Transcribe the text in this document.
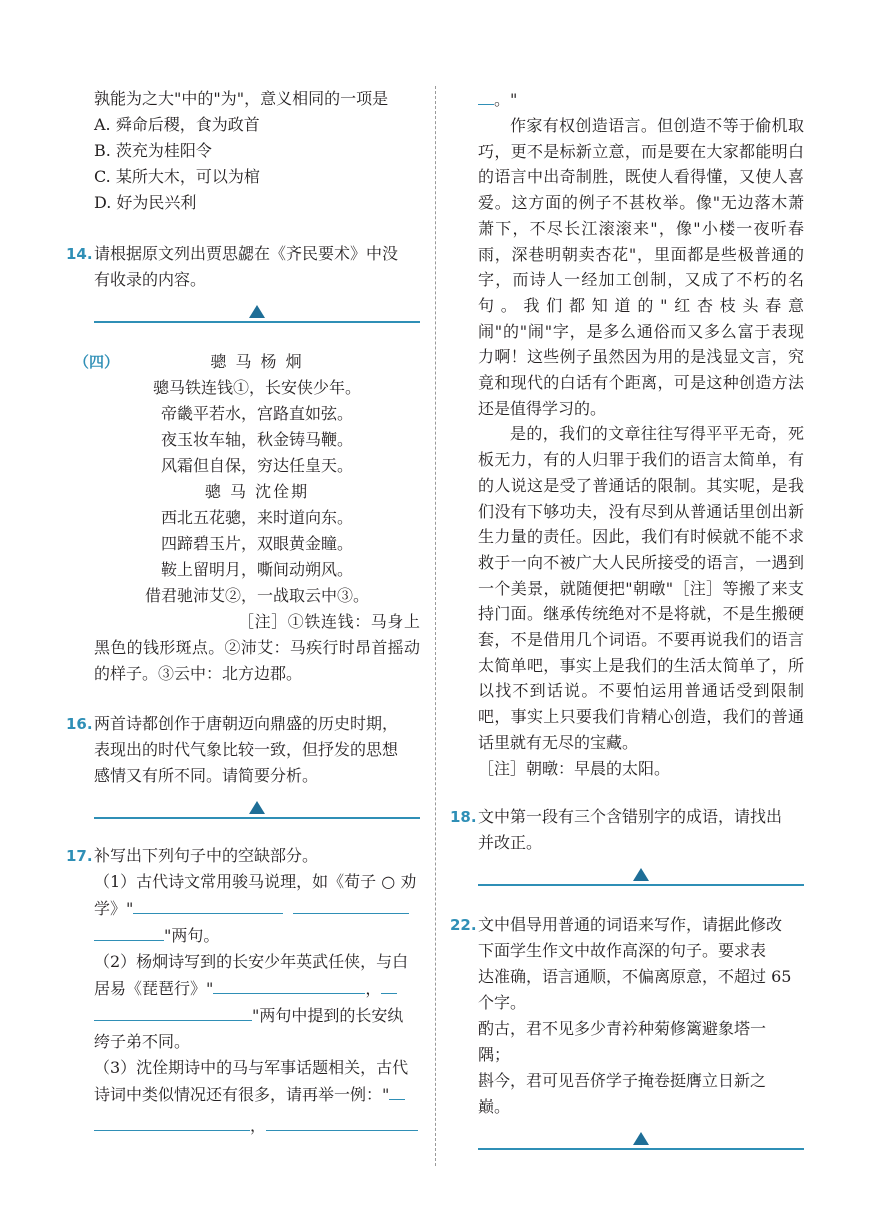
孰能为之大"中的"为"，意义相同的一项是
A. 舜命后稷，食为政首
B. 茨充为桂阳令
C. 某所大木，可以为棺
D. 好为民兴利
14. 请根据原文列出贾思勰在《齐民要术》中没
有收录的内容。
（四）	骢 马 杨 炯
骢马铁连钱①，长安侠少年。
帝畿平若水，宫路直如弦。
夜玉妆车轴，秋金铸马鞭。
风霜但自保，穷达任皇天。
骢 马 沈佺期
西北五花骢，来时道向东。
四蹄碧玉片，双眼黄金瞳。
鞍上留明月，嘶间动朔风。
借君驰沛艾②，一战取云中③。
［注］①铁连钱：马身上黑色的钱形斑点。②沛艾：马疾行时昂首摇动的样子。③云中：北方边郡。
16. 两首诗都创作于唐朝迈向鼎盛的历史时期，
表现出的时代气象比较一致，但抒发的思想
感情又有所不同。请简要分析。
17. 补写出下列句子中的空缺部分。
（1）古代诗文常用骏马说理，如《荀子 ○ 劝
学》"
"两句。
（2）杨炯诗写到的长安少年英武任侠，与白
居易《琵琶行》"	，
"两句中提到的长安纨
绔子弟不同。
（3）沈佺期诗中的马与军事话题相关，古代
诗词中类似情况还有很多，请再举一例："
，
。"
作家有权创造语言。但创造不等于偷机取巧，更不是标新立意，而是要在大家都能明白的语言中出奇制胜，既使人看得懂，又使人喜爱。这方面的例子不甚枚举。像"无边落木萧萧下，不尽长江滚滚来"，像"小楼一夜听春雨，深巷明朝卖杏花"，里面都是些极普通的字，而诗人一经加工创制，又成了不朽的名句。我们都知道的"红杏枝头春意闹"的"闹"字，是多么通俗而又多么富于表现力啊！这些例子虽然因为用的是浅显文言，究竟和现代的白话有个距离，可是这种创造方法还是值得学习的。
是的，我们的文章往往写得平平无奇，死板无力，有的人归罪于我们的语言太简单，有的人说这是受了普通话的限制。其实呢，是我们没有下够功夫，没有尽到从普通话里创出新生力量的责任。因此，我们有时候就不能不求救于一向不被广大人民所接受的语言，一遇到一个美景，就随便把"朝暾"［注］等搬了来支持门面。继承传统绝对不是将就，不是生搬硬套，不是借用几个词语。不要再说我们的语言太简单吧，事实上是我们的生活太简单了，所以找不到话说。不要怕运用普通话受到限制吧，事实上只要我们肯精心创造，我们的普通话里就有无尽的宝藏。
［注］朝暾：早晨的太阳。
18. 文中第一段有三个含错别字的成语，请找出
并改正。
22. 文中倡导用普通的词语来写作，请据此修改
下面学生作文中故作高深的句子。要求表
达准确，语言通顺，不偏离原意，不超过 65
个字。
酌古，君不见多少青衿种菊修篱避象塔一
隅；
斟今，君可见吾侪学子掩卷挺膺立日新之
巅。
